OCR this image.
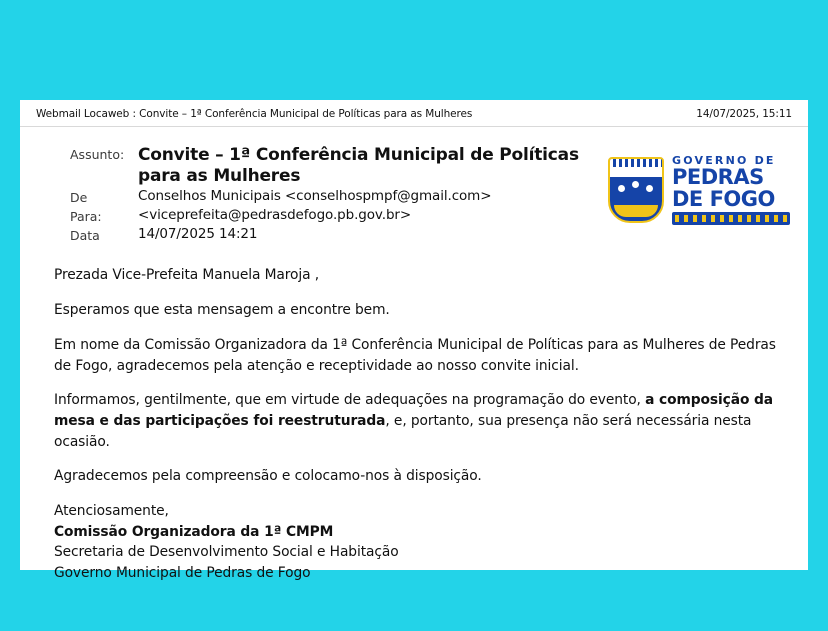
Webmail Locaweb : Convite – 1ª Conferência Municipal de Políticas para as Mulheres	14/07/2025, 15:11
GOVERNO DE
PEDRAS
DE FOGO
Assunto: Convite – 1ª Conferência Municipal de Políticas para as Mulheres
De	Conselhos Municipais <conselhospmpf@gmail.com>
Para:	<viceprefeita@pedrasdefogo.pb.gov.br>
Data	14/07/2025 14:21

Prezada Vice-Prefeita Manuela Maroja ,

Esperamos que esta mensagem a encontre bem.

Em nome da Comissão Organizadora da 1ª Conferência Municipal de Políticas para as Mulheres de Pedras de Fogo, agradecemos pela atenção e receptividade ao nosso convite inicial.

Informamos, gentilmente, que em virtude de adequações na programação do evento, a composição da mesa e das participações foi reestruturada, e, portanto, sua presença não será necessária nesta ocasião.

Agradecemos pela compreensão e colocamo-nos à disposição.

Atenciosamente,

Comissão Organizadora da 1ª CMPM

Secretaria de Desenvolvimento Social e Habitação

Governo Municipal de Pedras de Fogo
